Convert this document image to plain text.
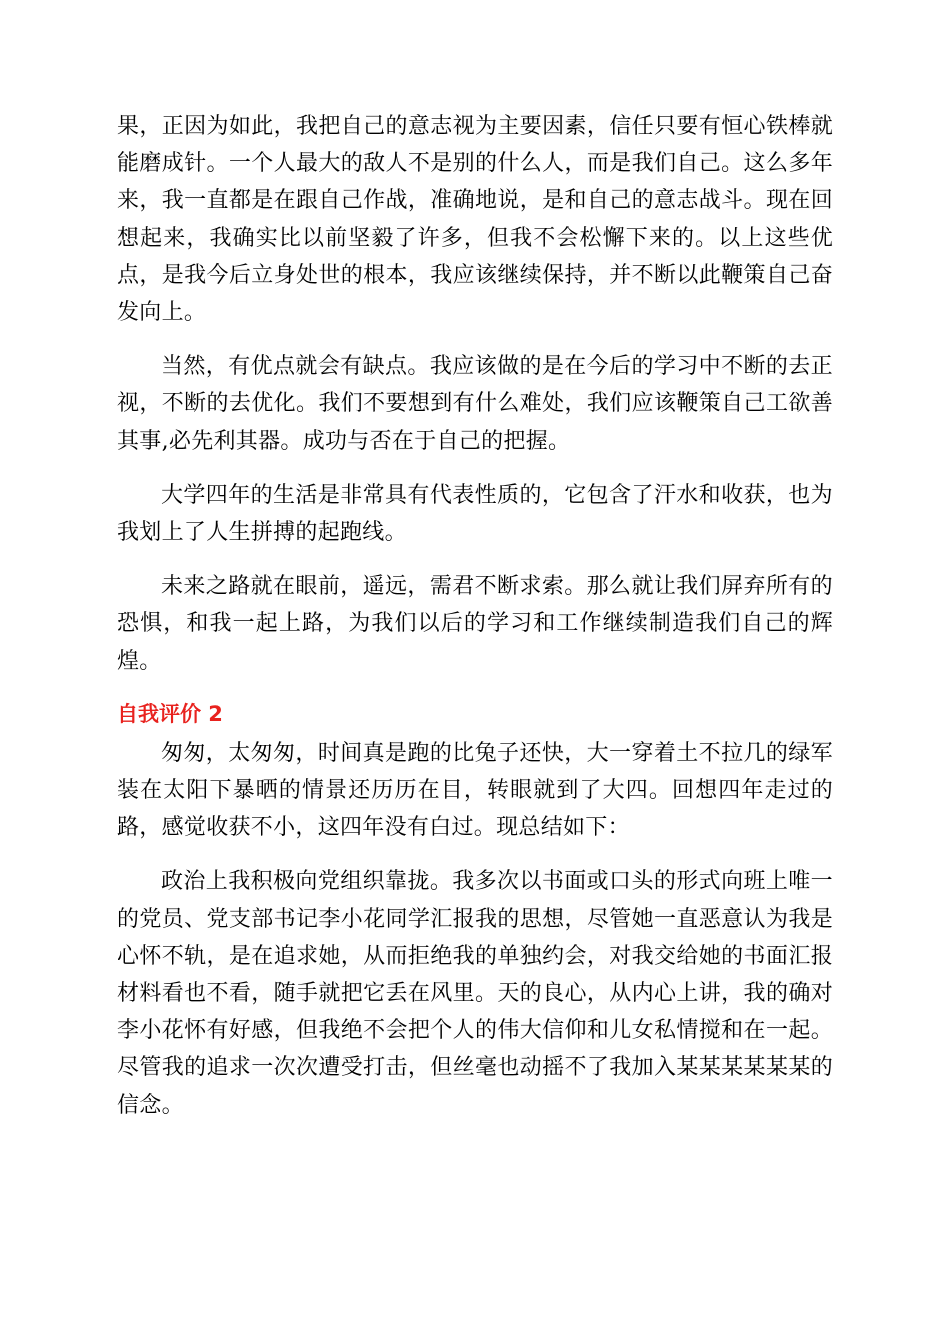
果，正因为如此，我把自己的意志视为主要因素，信任只要有恒心铁棒就能磨成针。一个人最大的敌人不是别的什么人，而是我们自己。这么多年来，我一直都是在跟自己作战，准确地说，是和自己的意志战斗。现在回想起来，我确实比以前坚毅了许多，但我不会松懈下来的。以上这些优点，是我今后立身处世的根本，我应该继续保持，并不断以此鞭策自己奋发向上。

当然，有优点就会有缺点。我应该做的是在今后的学习中不断的去正视，不断的去优化。我们不要想到有什么难处，我们应该鞭策自己工欲善其事,必先利其器。成功与否在于自己的把握。

大学四年的生活是非常具有代表性质的，它包含了汗水和收获，也为我划上了人生拼搏的起跑线。

未来之路就在眼前，遥远，需君不断求索。那么就让我们屏弃所有的恐惧，和我一起上路，为我们以后的学习和工作继续制造我们自己的辉煌。

自我评价 2

匆匆，太匆匆，时间真是跑的比兔子还快，大一穿着土不拉几的绿军装在太阳下暴晒的情景还历历在目，转眼就到了大四。回想四年走过的路，感觉收获不小，这四年没有白过。现总结如下：

政治上我积极向党组织靠拢。我多次以书面或口头的形式向班上唯一的党员、党支部书记李小花同学汇报我的思想，尽管她一直恶意认为我是心怀不轨，是在追求她，从而拒绝我的单独约会，对我交给她的书面汇报材料看也不看，随手就把它丢在风里。天的良心，从内心上讲，我的确对李小花怀有好感，但我绝不会把个人的伟大信仰和儿女私情搅和在一起。尽管我的追求一次次遭受打击，但丝毫也动摇不了我加入某某某某某某的信念。
